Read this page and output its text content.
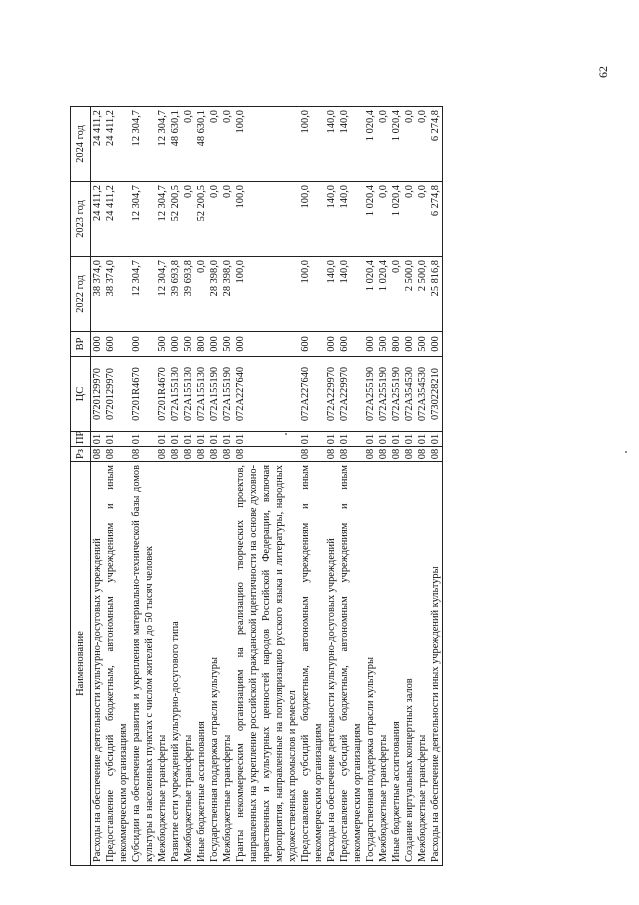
62
Наименование	Рз	ПР	ЦС	ВР	2022 год	2023 год	2024 год
Расходы на обеспечение деятельности культурно-досуговых учреждений	08	01	0720129970	000	38 374,0	24 411,2	24 411,2
Предоставление субсидий бюджетным, автономным учреждениям и иным некоммерческим организациям	08	01	0720129970	600	38 374,0	24 411,2	24 411,2
Субсидии на обеспечение развития и укрепления материально-технической базы домов культуры в населенных пунктах с числом жителей до 50 тысяч человек	08	01	07201R4670	000	12 304,7	12 304,7	12 304,7
Межбюджетные трансферты	08	01	07201R4670	500	12 304,7	12 304,7	12 304,7
Развитие сети учреждений культурно-досугового типа	08	01	072A155130	000	39 693,8	52 200,5	48 630,1
Межбюджетные трансферты	08	01	072A155130	500	39 693,8	0,0	0,0
Иные бюджетные ассигнования	08	01	072A155130	800	0,0	52 200,5	48 630,1
Государственная поддержка отрасли культуры	08	01	072A155190	000	28 398,0	0,0	0,0
Межбюджетные трансферты	08	01	072A155190	500	28 398,0	0,0	0,0
Гранты некоммерческим организациям на реализацию творческих проектов, направленных на укрепление российской гражданской идентичности на основе духовно-нравственных и культурных ценностей народов Российской Федерации, включая мероприятия, направленные на популяризацию русского языка и литературы, народных художественных промыслов и ремесел	08	01	072A227640	000	100,0	100,0	100,0
Предоставление субсидий бюджетным, автономным учреждениям и иным некоммерческим организациям	08	01	072A227640	600	100,0	100,0	100,0
Расходы на обеспечение деятельности культурно-досуговых учреждений	08	01	072A229970	000	140,0	140,0	140,0
Предоставление субсидий бюджетным, автономным учреждениям и иным некоммерческим организациям	08	01	072A229970	600	140,0	140,0	140,0
Государственная поддержка отрасли культуры	08	01	072A255190	000	1 020,4	1 020,4	1 020,4
Межбюджетные трансферты	08	01	072A255190	500	1 020,4	0,0	0,0
Иные бюджетные ассигнования	08	01	072A255190	800	0,0	1 020,4	1 020,4
Создание виртуальных концертных залов	08	01	072A354530	000	2 500,0	0,0	0,0
Межбюджетные трансферты	08	01	072A354530	500	2 500,0	0,0	0,0
Расходы на обеспечение деятельности иных учреждений культуры	08	01	0730228210	000	25 816,8	6 274,8	6 274,8
